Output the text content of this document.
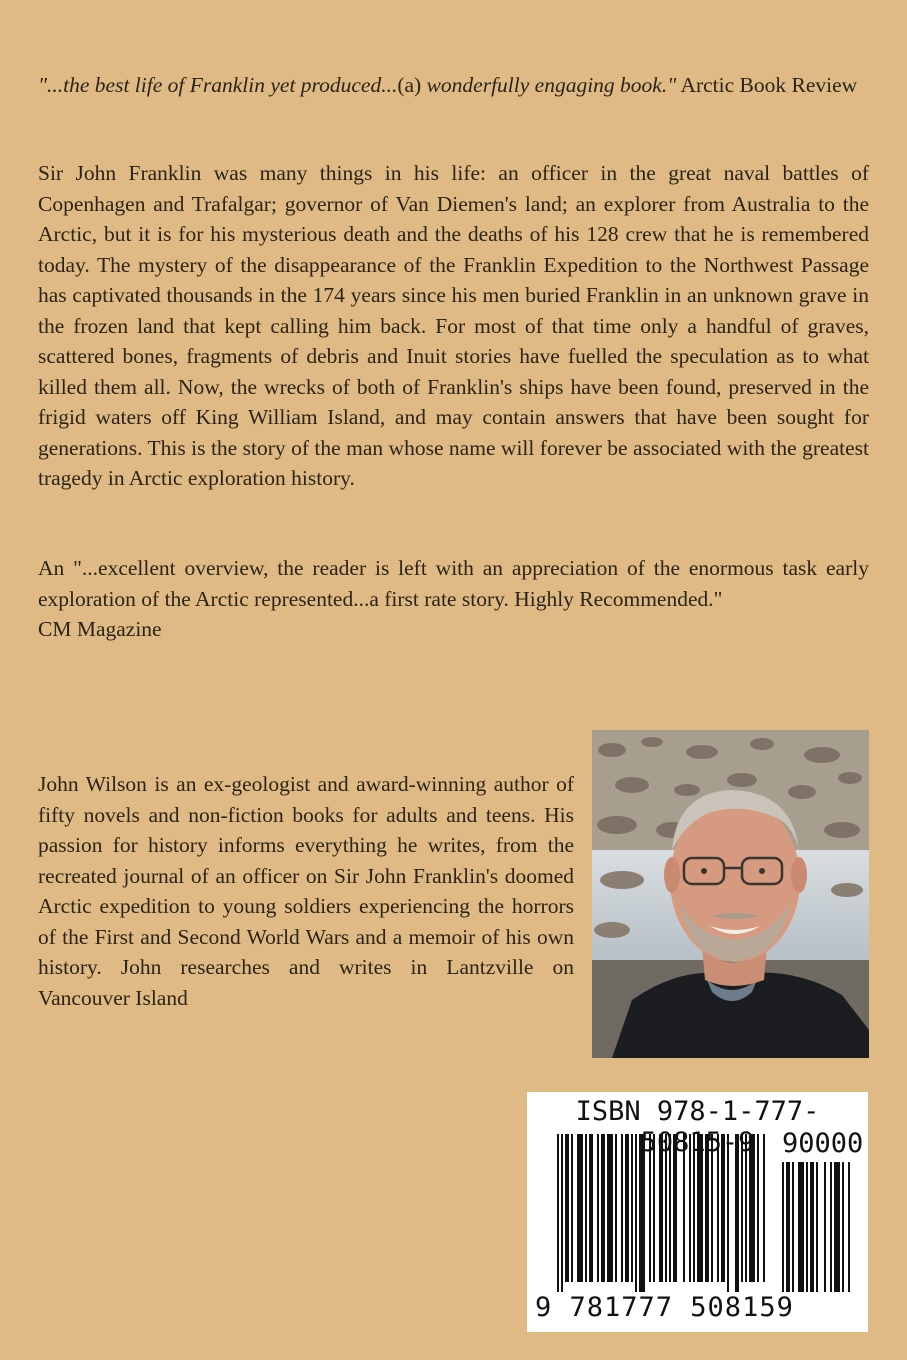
"...the best life of Franklin yet produced...(a) wonderfully engaging book." Arctic Book Review
Sir John Franklin was many things in his life: an officer in the great naval battles of Copenhagen and Trafalgar; governor of Van Diemen's land; an explorer from Australia to the Arctic, but it is for his mysterious death and the deaths of his 128 crew that he is remembered today. The mystery of the disappearance of the Franklin Expedition to the Northwest Passage has captivated thousands in the 174 years since his men buried Franklin in an unknown grave in the frozen land that kept calling him back. For most of that time only a handful of graves, scattered bones, fragments of debris and Inuit stories have fuelled the speculation as to what killed them all. Now, the wrecks of both of Franklin's ships have been found, preserved in the frigid waters off King William Island, and may contain answers that have been sought for generations. This is the story of the man whose name will forever be associated with the greatest tragedy in Arctic exploration history.
An "...excellent overview, the reader is left with an appreciation of the enormous task early exploration of the Arctic represented...a first rate story. Highly Recommended."
CM Magazine
John Wilson is an ex-geologist and award-winning author of fifty novels and non-fiction books for adults and teens. His passion for history informs everything he writes, from the recreated journal of an officer on Sir John Franklin's doomed Arctic expedition to young soldiers experiencing the horrors of the First and Second World Wars and a memoir of his own history. John researches and writes in Lantzville on Vancouver Island
ISBN 978-1-777-50815-9	90000
9 781777 508159
